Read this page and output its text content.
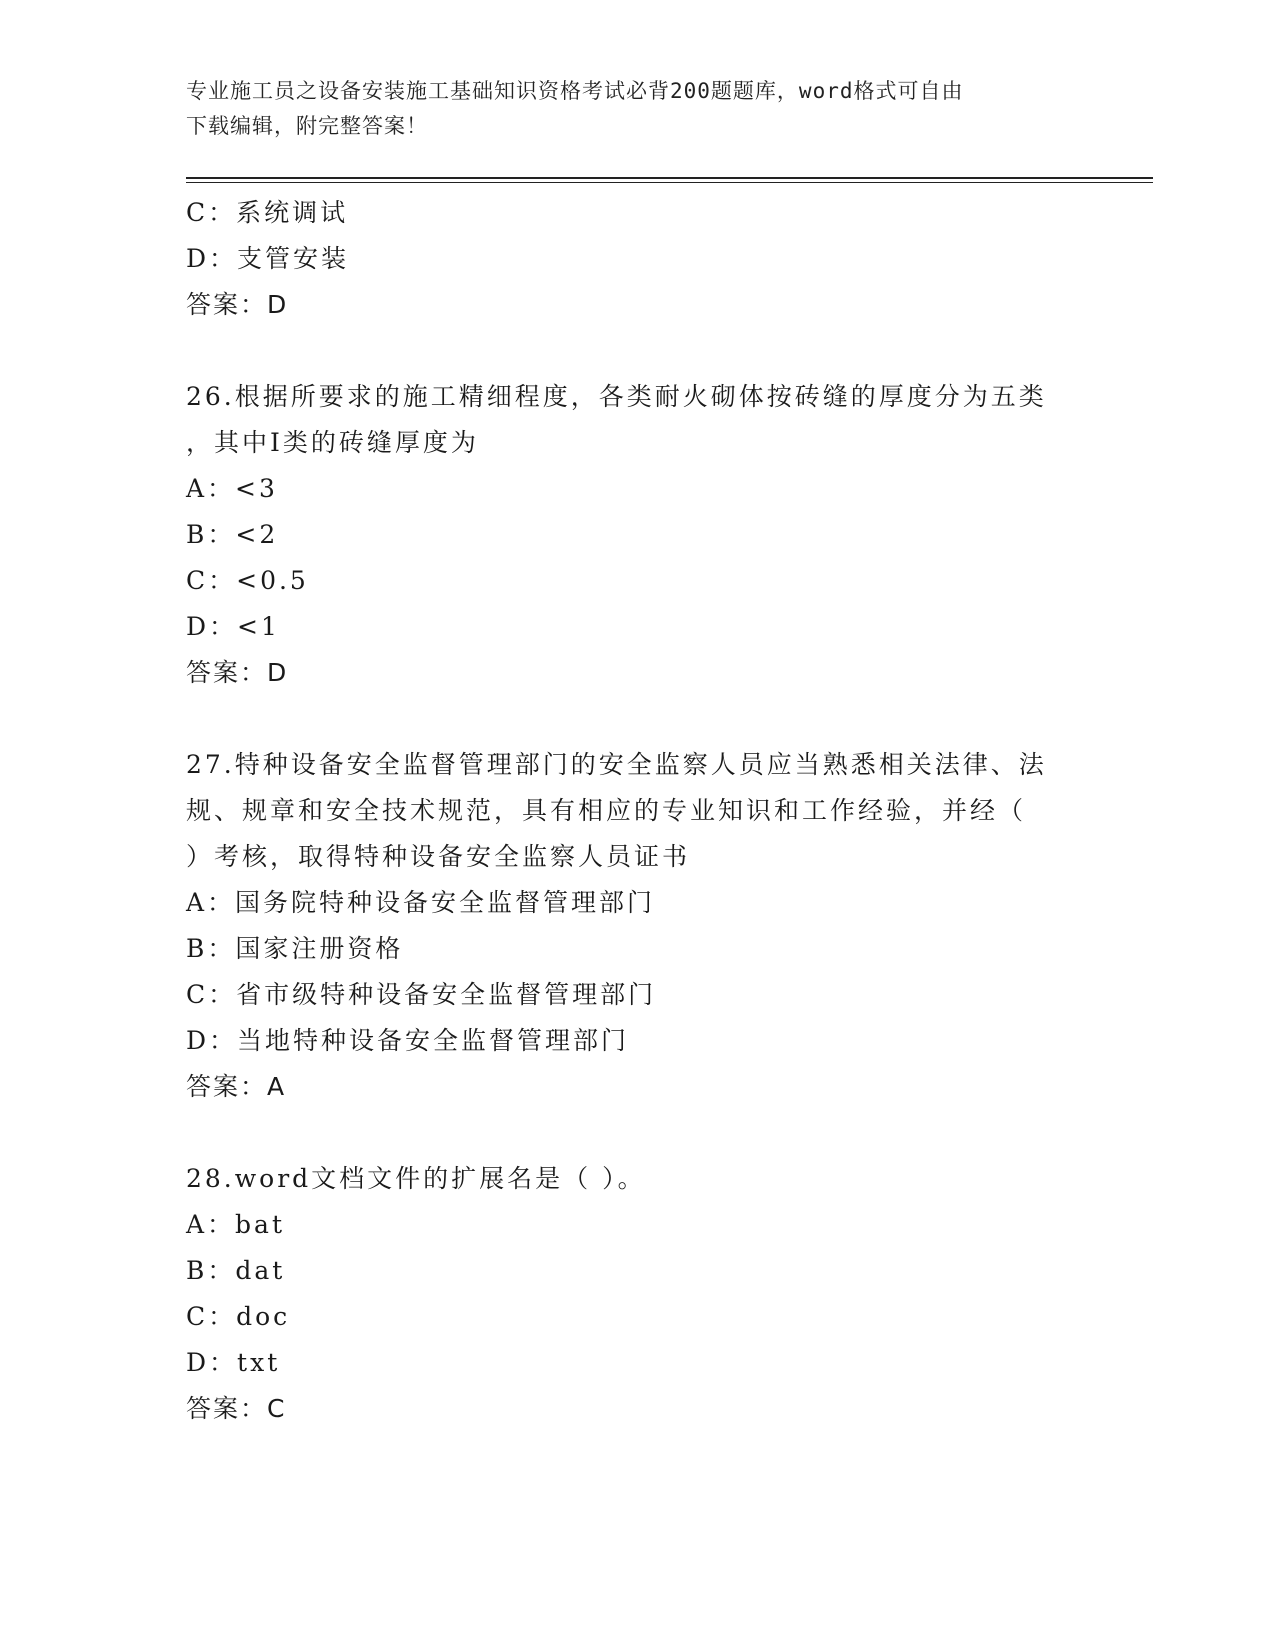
专业施工员之设备安装施工基础知识资格考试必背200题题库，word格式可自由
下载编辑，附完整答案！
C：系统调试
D：支管安装
答案：D
26.根据所要求的施工精细程度，各类耐火砌体按砖缝的厚度分为五类
，其中Ⅰ类的砖缝厚度为
A：<3
B：<2
C：<0.5
D：<1
答案：D
27.特种设备安全监督管理部门的安全监察人员应当熟悉相关法律、法
规、规章和安全技术规范，具有相应的专业知识和工作经验，并经（
）考核，取得特种设备安全监察人员证书
A：国务院特种设备安全监督管理部门
B：国家注册资格
C：省市级特种设备安全监督管理部门
D：当地特种设备安全监督管理部门
答案：A
28.word文档文件的扩展名是（ ）。
A：bat
B：dat
C：doc
D：txt
答案：C
